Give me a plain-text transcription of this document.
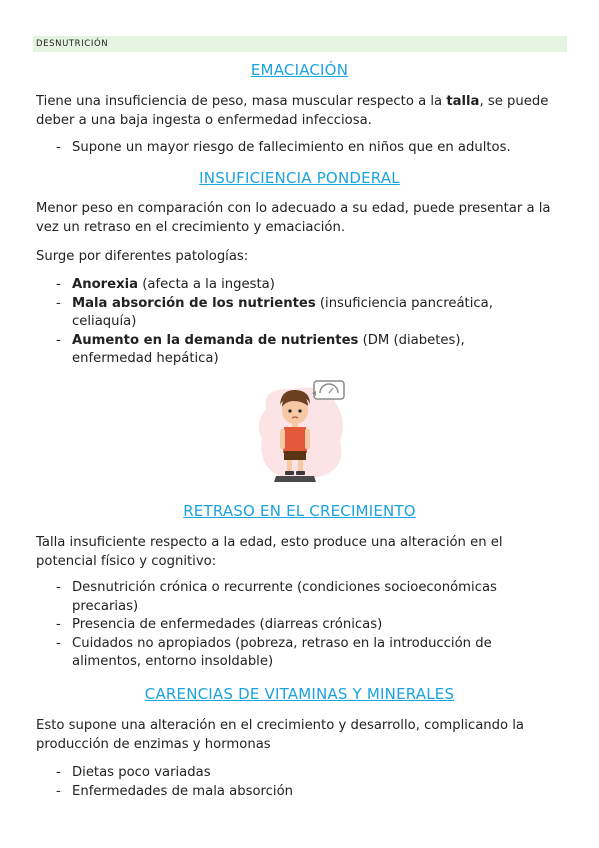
DESNUTRICIÓN
EMACIACIÓN
Tiene una insuficiencia de peso, masa muscular respecto a la talla, se puede deber a una baja ingesta o enfermedad infecciosa.
- Supone un mayor riesgo de fallecimiento en niños que en adultos.
INSUFICIENCIA PONDERAL
Menor peso en comparación con lo adecuado a su edad, puede presentar a la vez un retraso en el crecimiento y emaciación.
Surge por diferentes patologías:
- Anorexia (afecta a la ingesta)
- Mala absorción de los nutrientes (insuficiencia pancreática, celiaquía)
- Aumento en la demanda de nutrientes (DM (diabetes), enfermedad hepática)
RETRASO EN EL CRECIMIENTO
Talla insuficiente respecto a la edad, esto produce una alteración en el potencial físico y cognitivo:
- Desnutrición crónica o recurrente (condiciones socioeconómicas precarias)
- Presencia de enfermedades (diarreas crónicas)
- Cuidados no apropiados (pobreza, retraso en la introducción de alimentos, entorno insoldable)
CARENCIAS DE VITAMINAS Y MINERALES
Esto supone una alteración en el crecimiento y desarrollo, complicando la producción de enzimas y hormonas
- Dietas poco variadas
- Enfermedades de mala absorción
